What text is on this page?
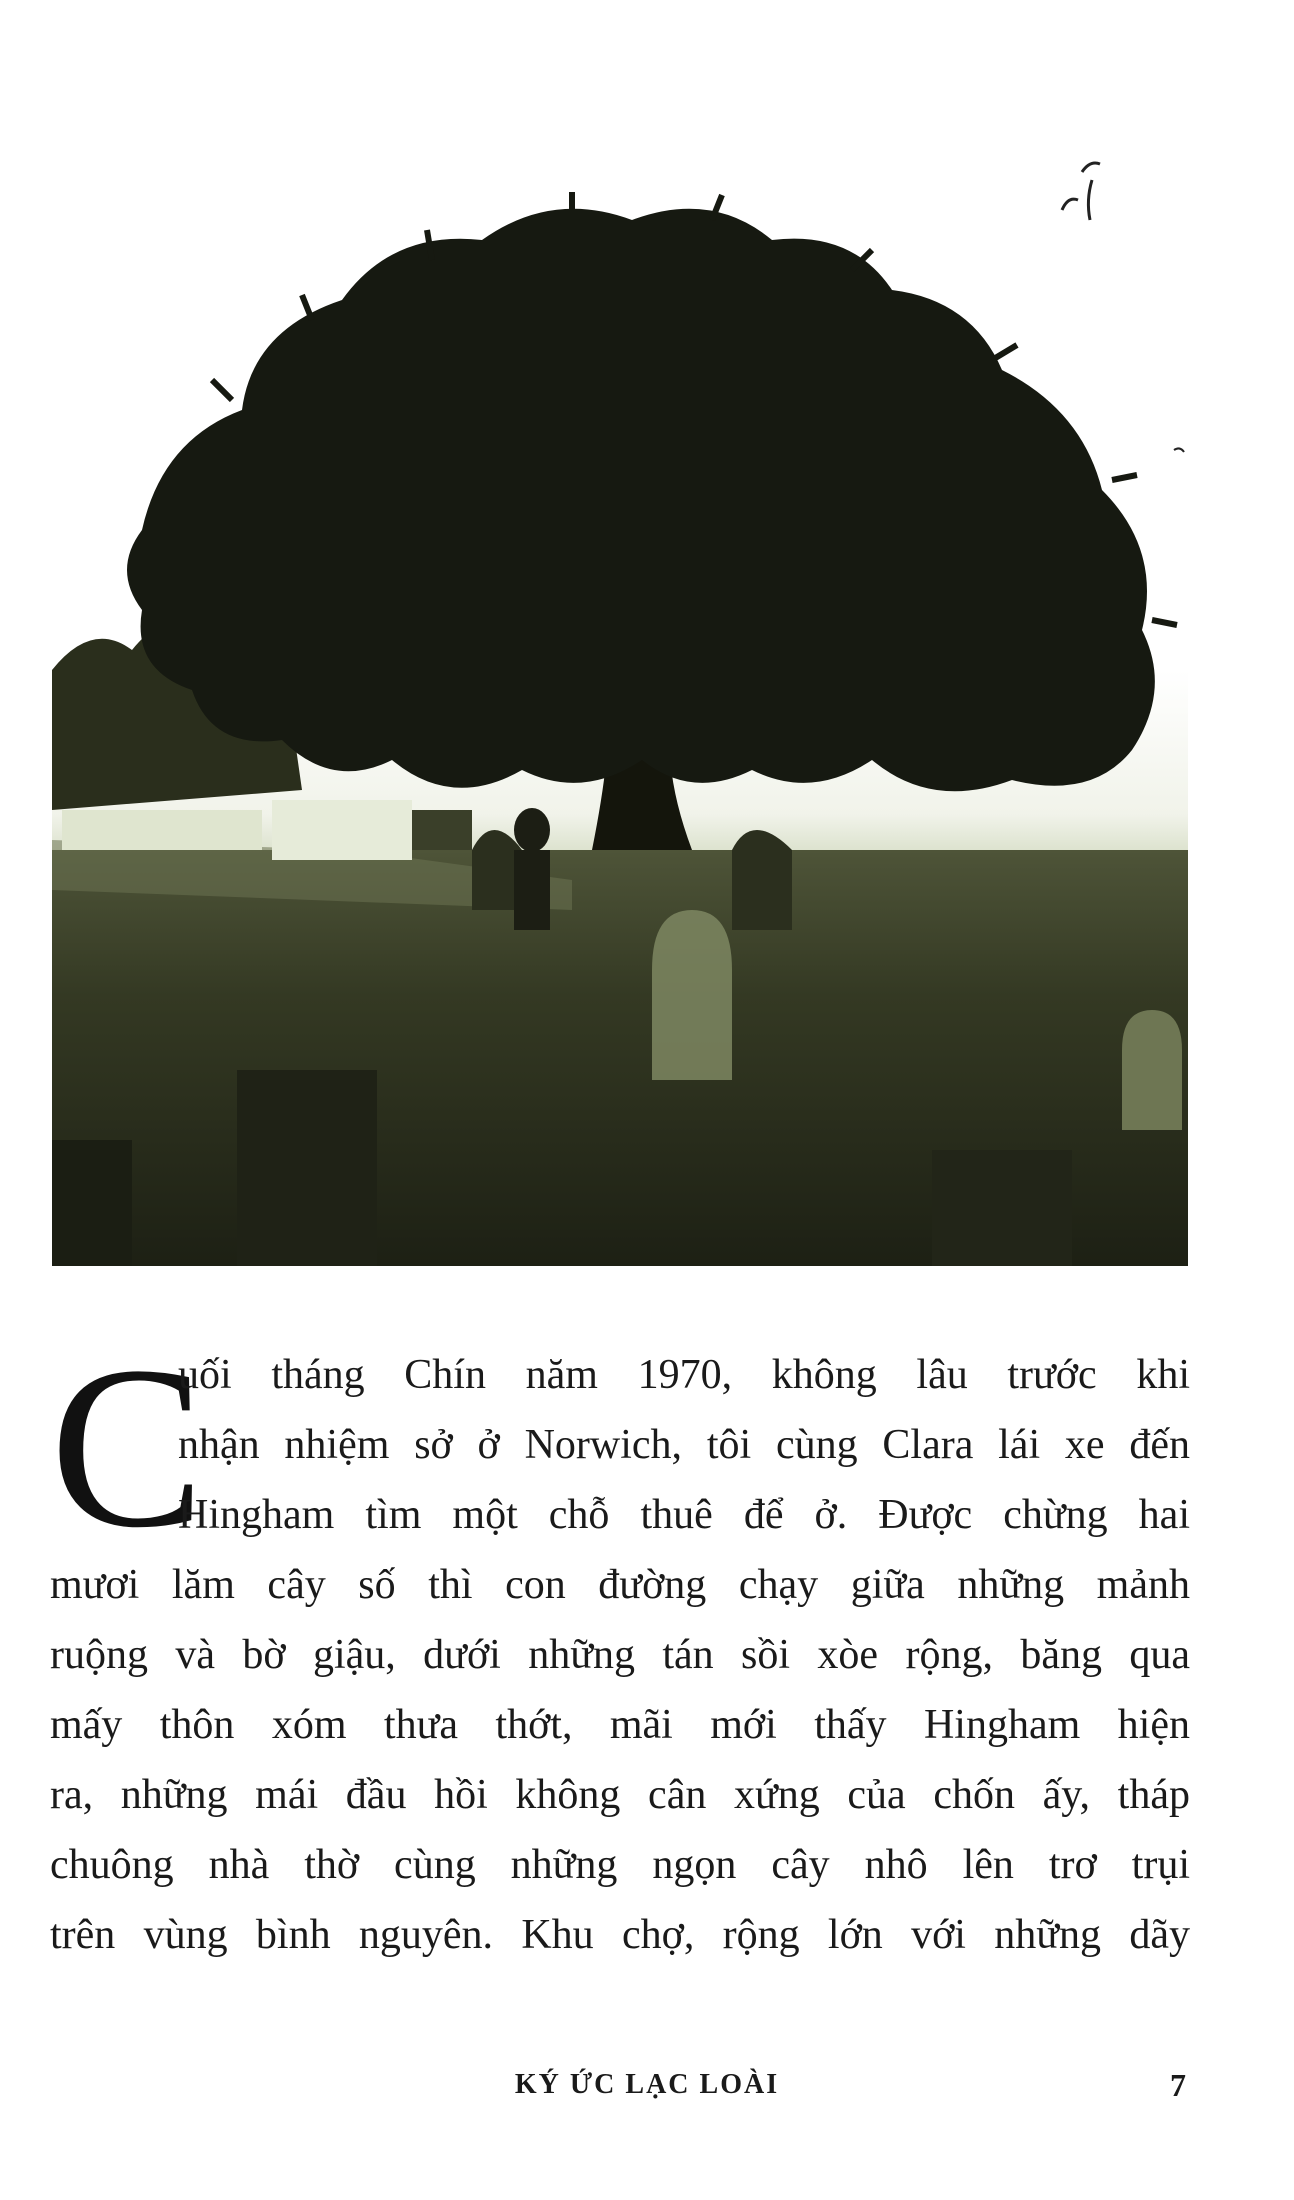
C
uối tháng Chín năm 1970, không lâu trước khi
nhận nhiệm sở ở Norwich, tôi cùng Clara lái xe đến
Hingham tìm một chỗ thuê để ở. Được chừng hai
mươi lăm cây số thì con đường chạy giữa những mảnh
ruộng và bờ giậu, dưới những tán sồi xòe rộng, băng qua
mấy thôn xóm thưa thớt, mãi mới thấy Hingham hiện
ra, những mái đầu hồi không cân xứng của chốn ấy, tháp
chuông nhà thờ cùng những ngọn cây nhô lên trơ trụi
trên vùng bình nguyên. Khu chợ, rộng lớn với những dãy
KÝ ỨC LẠC LOÀI	7
